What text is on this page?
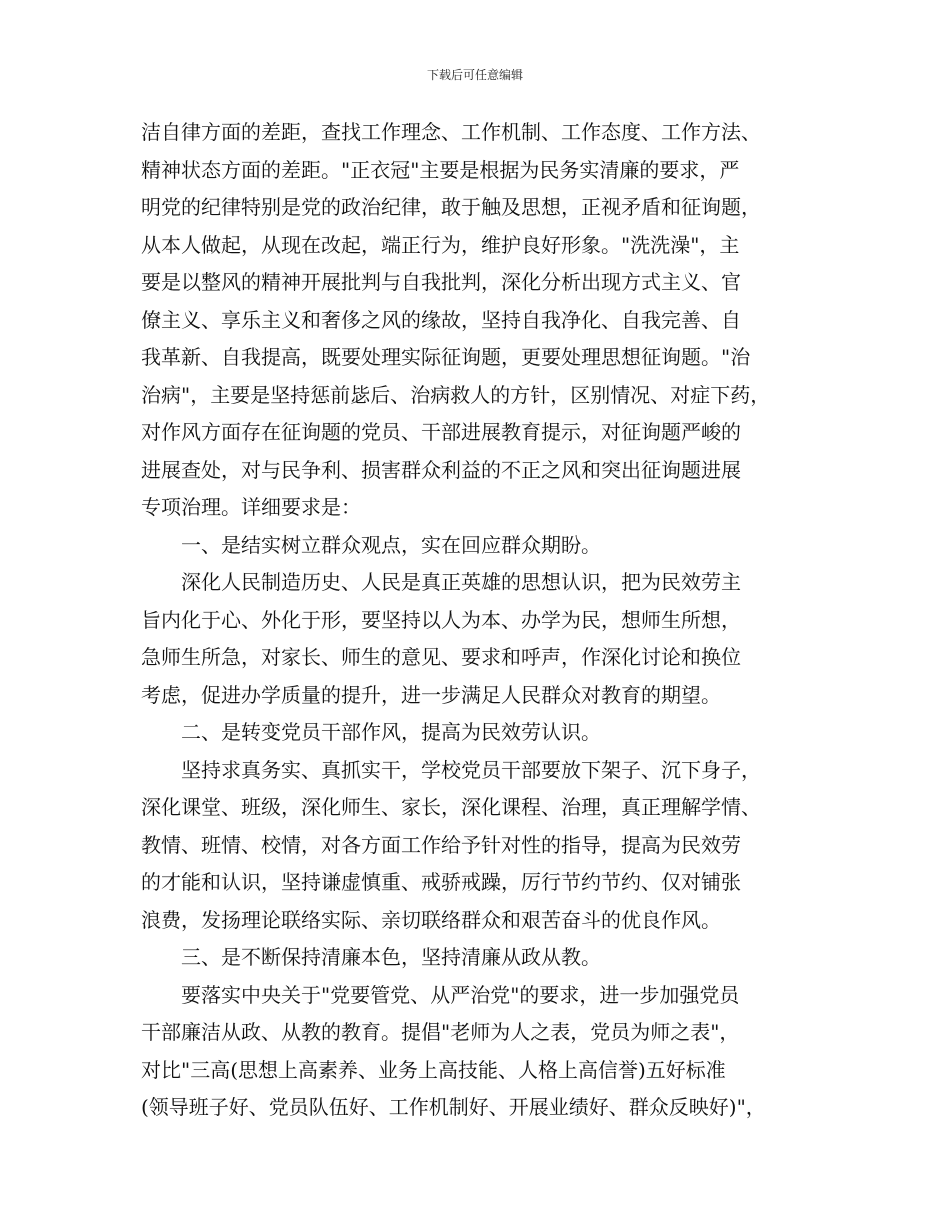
下载后可任意编辑
洁自律方面的差距，查找工作理念、工作机制、工作态度、工作方法、
精神状态方面的差距。"正衣冠"主要是根据为民务实清廉的要求，严
明党的纪律特别是党的政治纪律，敢于触及思想，正视矛盾和征询题，
从本人做起，从现在改起，端正行为，维护良好形象。"洗洗澡"，主
要是以整风的精神开展批判与自我批判，深化分析出现方式主义、官
僚主义、享乐主义和奢侈之风的缘故，坚持自我净化、自我完善、自
我革新、自我提高，既要处理实际征询题，更要处理思想征询题。"治
治病"，主要是坚持惩前毖后、治病救人的方针，区别情况、对症下药，
对作风方面存在征询题的党员、干部进展教育提示，对征询题严峻的
进展查处，对与民争利、损害群众利益的不正之风和突出征询题进展
专项治理。详细要求是：
一、是结实树立群众观点，实在回应群众期盼。
深化人民制造历史、人民是真正英雄的思想认识，把为民效劳主
旨内化于心、外化于形，要坚持以人为本、办学为民，想师生所想，
急师生所急，对家长、师生的意见、要求和呼声，作深化讨论和换位
考虑，促进办学质量的提升，进一步满足人民群众对教育的期望。
二、是转变党员干部作风，提高为民效劳认识。
坚持求真务实、真抓实干，学校党员干部要放下架子、沉下身子，
深化课堂、班级，深化师生、家长，深化课程、治理，真正理解学情、
教情、班情、校情，对各方面工作给予针对性的指导，提高为民效劳
的才能和认识，坚持谦虚慎重、戒骄戒躁，厉行节约节约、仅对铺张
浪费，发扬理论联络实际、亲切联络群众和艰苦奋斗的优良作风。
三、是不断保持清廉本色，坚持清廉从政从教。
要落实中央关于"党要管党、从严治党"的要求，进一步加强党员
干部廉洁从政、从教的教育。提倡"老师为人之表，党员为师之表"，
对比"三高(思想上高素养、业务上高技能、人格上高信誉)五好标准
(领导班子好、党员队伍好、工作机制好、开展业绩好、群众反映好)"，
